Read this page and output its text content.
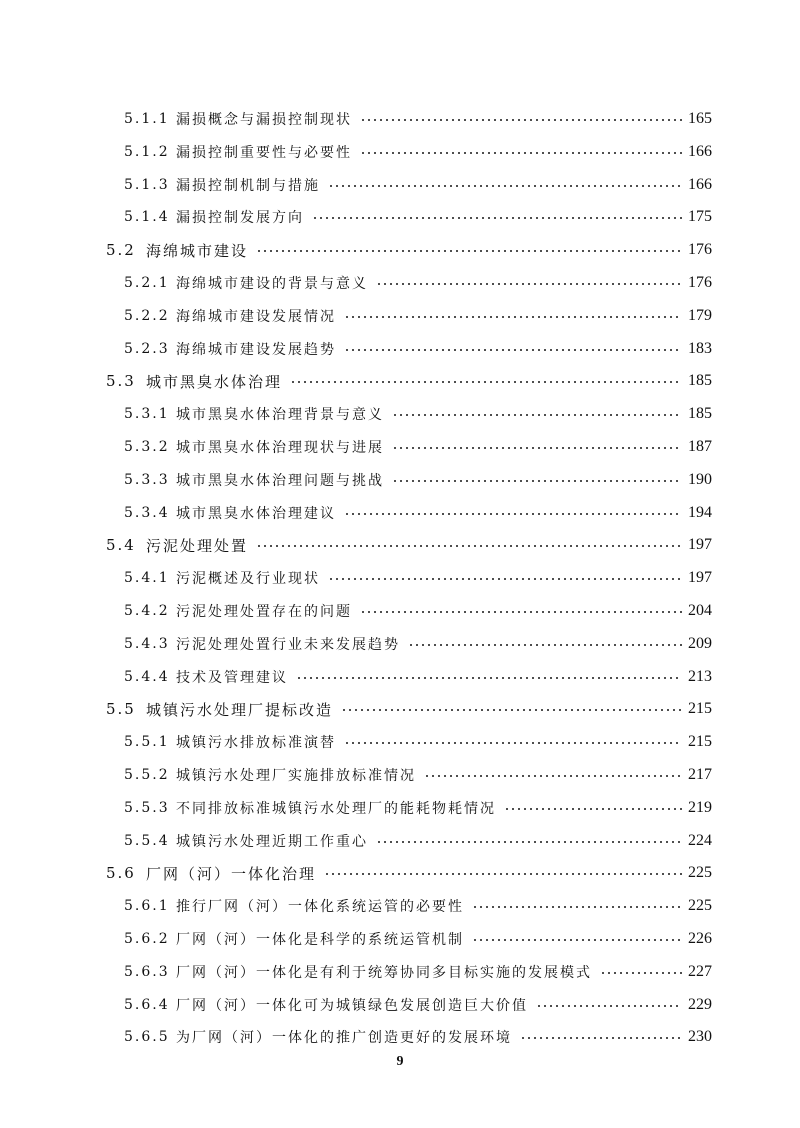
5.1.1 漏损概念与漏损控制现状	165
5.1.2 漏损控制重要性与必要性	166
5.1.3 漏损控制机制与措施	166
5.1.4 漏损控制发展方向	175
5.2 海绵城市建设	176
5.2.1 海绵城市建设的背景与意义	176
5.2.2 海绵城市建设发展情况	179
5.2.3 海绵城市建设发展趋势	183
5.3 城市黑臭水体治理	185
5.3.1 城市黑臭水体治理背景与意义	185
5.3.2 城市黑臭水体治理现状与进展	187
5.3.3 城市黑臭水体治理问题与挑战	190
5.3.4 城市黑臭水体治理建议	194
5.4 污泥处理处置	197
5.4.1 污泥概述及行业现状	197
5.4.2 污泥处理处置存在的问题	204
5.4.3 污泥处理处置行业未来发展趋势	209
5.4.4 技术及管理建议	213
5.5 城镇污水处理厂提标改造	215
5.5.1 城镇污水排放标准演替	215
5.5.2 城镇污水处理厂实施排放标准情况	217
5.5.3 不同排放标准城镇污水处理厂的能耗物耗情况	219
5.5.4 城镇污水处理近期工作重心	224
5.6 厂网（河）一体化治理	225
5.6.1 推行厂网（河）一体化系统运管的必要性	225
5.6.2 厂网（河）一体化是科学的系统运管机制	226
5.6.3 厂网（河）一体化是有利于统筹协同多目标实施的发展模式	227
5.6.4 厂网（河）一体化可为城镇绿色发展创造巨大价值	229
5.6.5 为厂网（河）一体化的推广创造更好的发展环境	230
9
